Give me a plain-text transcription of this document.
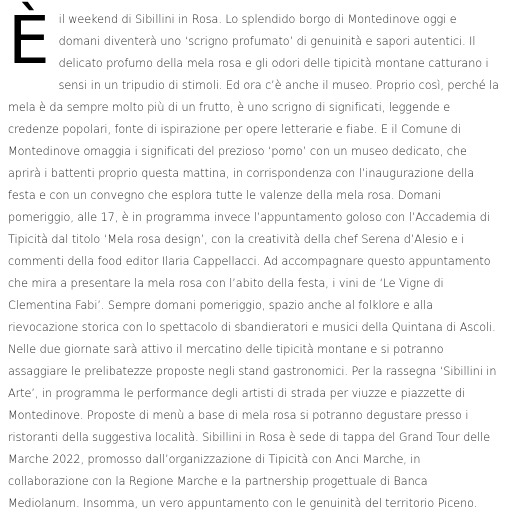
È il weekend di Sibillini in Rosa. Lo splendido borgo di Montedinove oggi e domani diventerà uno ‘scrigno profumato’ di genuinità e sapori autentici. Il delicato profumo della mela rosa e gli odori delle tipicità montane catturano i sensi in un tripudio di stimoli. Ed ora c’è anche il museo. Proprio così, perché la mela è da sempre molto più di un frutto, è uno scrigno di significati, leggende e credenze popolari, fonte di ispirazione per opere letterarie e fiabe. E il Comune di Montedinove omaggia i significati del prezioso ‘pomo’ con un museo dedicato, che aprirà i battenti proprio questa mattina, in corrispondenza con l’inaugurazione della festa e con un convegno che esplora tutte le valenze della mela rosa. Domani pomeriggio, alle 17, è in programma invece l’appuntamento goloso con l’Accademia di Tipicità dal titolo ‘Mela rosa design’, con la creatività della chef Serena d’Alesio e i commenti della food editor Ilaria Cappellacci. Ad accompagnare questo appuntamento che mira a presentare la mela rosa con l’abito della festa, i vini de ‘Le Vigne di Clementina Fabi’. Sempre domani pomeriggio, spazio anche al folklore e alla rievocazione storica con lo spettacolo di sbandieratori e musici della Quintana di Ascoli. Nelle due giornate sarà attivo il mercatino delle tipicità montane e si potranno assaggiare le prelibatezze proposte negli stand gastronomici. Per la rassegna ‘Sibillini in Arte’, in programma le performance degli artisti di strada per viuzze e piazzette di Montedinove. Proposte di menù a base di mela rosa si potranno degustare presso i ristoranti della suggestiva località. Sibillini in Rosa è sede di tappa del Grand Tour delle Marche 2022, promosso dall’organizzazione di Tipicità con Anci Marche, in collaborazione con la Regione Marche e la partnership progettuale di Banca Mediolanum. Insomma, un vero appuntamento con le genuinità del territorio Piceno.
